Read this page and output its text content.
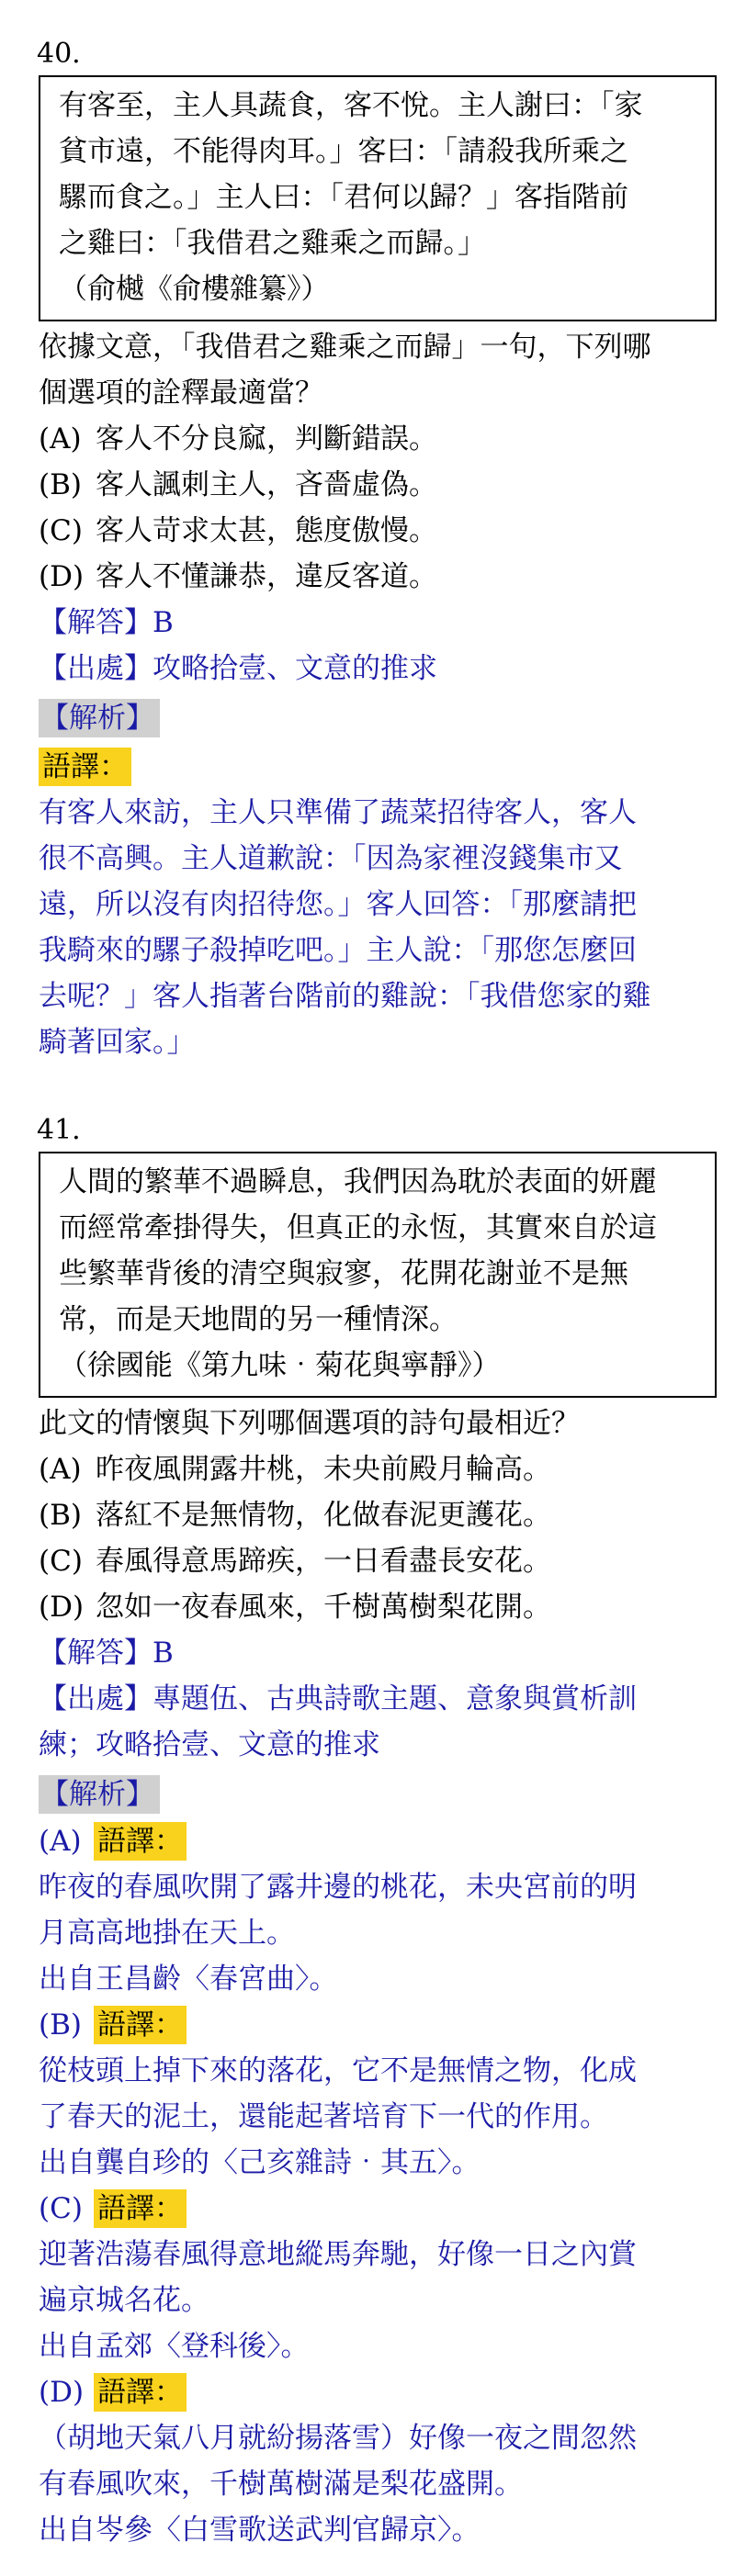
40.
有客至，主人具蔬食，客不悅。主人謝曰：「家
貧市遠，不能得肉耳。」客曰：「請殺我所乘之
騾而食之。」主人曰：「君何以歸？」客指階前
之雞曰：「我借君之雞乘之而歸。」
（俞樾《俞樓雜纂》）
依據文意，「我借君之雞乘之而歸」一句，下列哪
個選項的詮釋最適當？
(A) 客人不分良窳，判斷錯誤。
(B) 客人諷刺主人，吝嗇虛偽。
(C) 客人苛求太甚，態度傲慢。
(D) 客人不懂謙恭，違反客道。
【解答】B
【出處】攻略拾壹、文意的推求
【解析】
語譯：
有客人來訪，主人只準備了蔬菜招待客人，客人
很不高興。主人道歉說：「因為家裡沒錢集市又
遠，所以沒有肉招待您。」客人回答：「那麼請把
我騎來的騾子殺掉吃吧。」主人說：「那您怎麼回
去呢？」客人指著台階前的雞說：「我借您家的雞
騎著回家。」
41.
人間的繁華不過瞬息，我們因為耽於表面的妍麗
而經常牽掛得失，但真正的永恆，其實來自於這
些繁華背後的清空與寂寥，花開花謝並不是無
常，而是天地間的另一種情深。
（徐國能《第九味‧菊花與寧靜》）
此文的情懷與下列哪個選項的詩句最相近？
(A) 昨夜風開露井桃，未央前殿月輪高。
(B) 落紅不是無情物，化做春泥更護花。
(C) 春風得意馬蹄疾，一日看盡長安花。
(D) 忽如一夜春風來，千樹萬樹梨花開。
【解答】B
【出處】專題伍、古典詩歌主題、意象與賞析訓
練；攻略拾壹、文意的推求
【解析】
(A) 語譯：
昨夜的春風吹開了露井邊的桃花，未央宮前的明
月高高地掛在天上。
出自王昌齡〈春宮曲〉。
(B) 語譯：
從枝頭上掉下來的落花，它不是無情之物，化成
了春天的泥土，還能起著培育下一代的作用。
出自龔自珍的〈己亥雜詩‧其五〉。
(C) 語譯：
迎著浩蕩春風得意地縱馬奔馳，好像一日之內賞
遍京城名花。
出自孟郊〈登科後〉。
(D) 語譯：
（胡地天氣八月就紛揚落雪）好像一夜之間忽然
有春風吹來，千樹萬樹滿是梨花盛開。
出自岑參〈白雪歌送武判官歸京〉。
